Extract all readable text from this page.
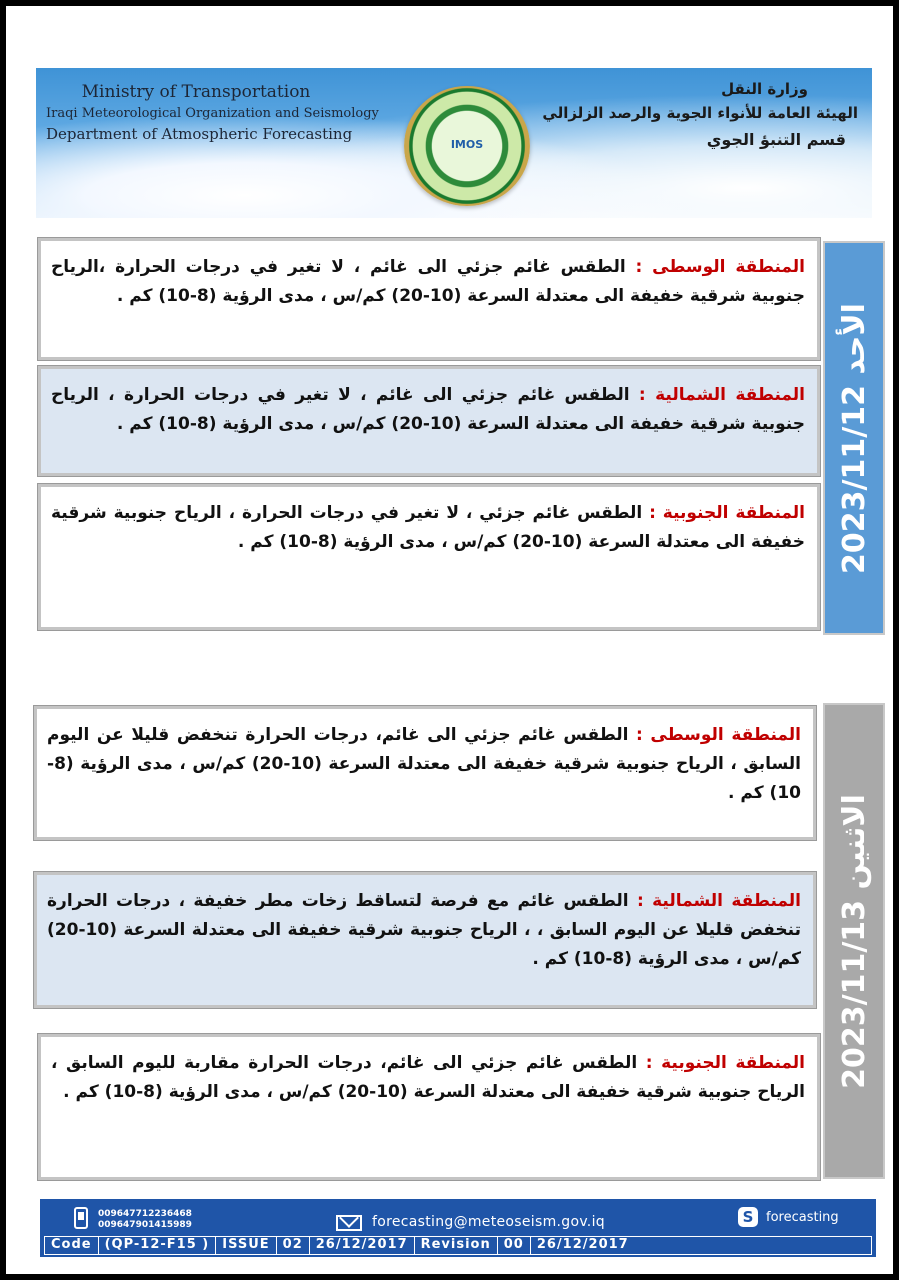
Ministry of Transportation
Iraqi Meteorological Organization and Seismology
Department of Atmospheric Forecasting
IMOS
وزارة النقل
الهيئة العامة للأنواء الجوية والرصد الزلزالي
قسم التنبؤ الجوي
الأحد 2023/11/12
المنطقة الوسطى : الطقس غائم جزئي الى غائم ، لا تغير في درجات الحرارة ،الرياح جنوبية شرقية خفيفة الى معتدلة السرعة (10-20) كم/س ، مدى الرؤية (8-10) كم .
المنطقة الشمالية : الطقس غائم جزئي الى غائم ، لا تغير في درجات الحرارة ، الرياح جنوبية شرقية خفيفة الى معتدلة السرعة (10-20) كم/س ، مدى الرؤية (8-10) كم .
المنطقة الجنوبية : الطقس غائم جزئي ، لا تغير في درجات الحرارة ، الرياح جنوبية شرقية خفيفة الى معتدلة السرعة (10-20) كم/س ، مدى الرؤية (8-10) كم .
الاثنين 2023/11/13
المنطقة الوسطى : الطقس غائم جزئي الى غائم، درجات الحرارة تنخفض قليلا عن اليوم السابق ، الرياح جنوبية شرقية خفيفة الى معتدلة السرعة (10-20) كم/س ، مدى الرؤية (8-10) كم .
المنطقة الشمالية : الطقس غائم مع فرصة لتساقط زخات مطر خفيفة ، درجات الحرارة تنخفض قليلا عن اليوم السابق ، ، الرياح جنوبية شرقية خفيفة الى معتدلة السرعة (10-20) كم/س ، مدى الرؤية (8-10) كم .
المنطقة الجنوبية : الطقس غائم جزئي الى غائم، درجات الحرارة مقاربة لليوم السابق ، الرياح جنوبية شرقية خفيفة الى معتدلة السرعة (10-20) كم/س ، مدى الرؤية (8-10) كم .
009647712236468
009647901415989	forecasting@meteoseism.gov.iq	S forecasting
Code	(QP-12-F15 )	ISSUE	02	26/12/2017	Revision	00	26/12/2017
